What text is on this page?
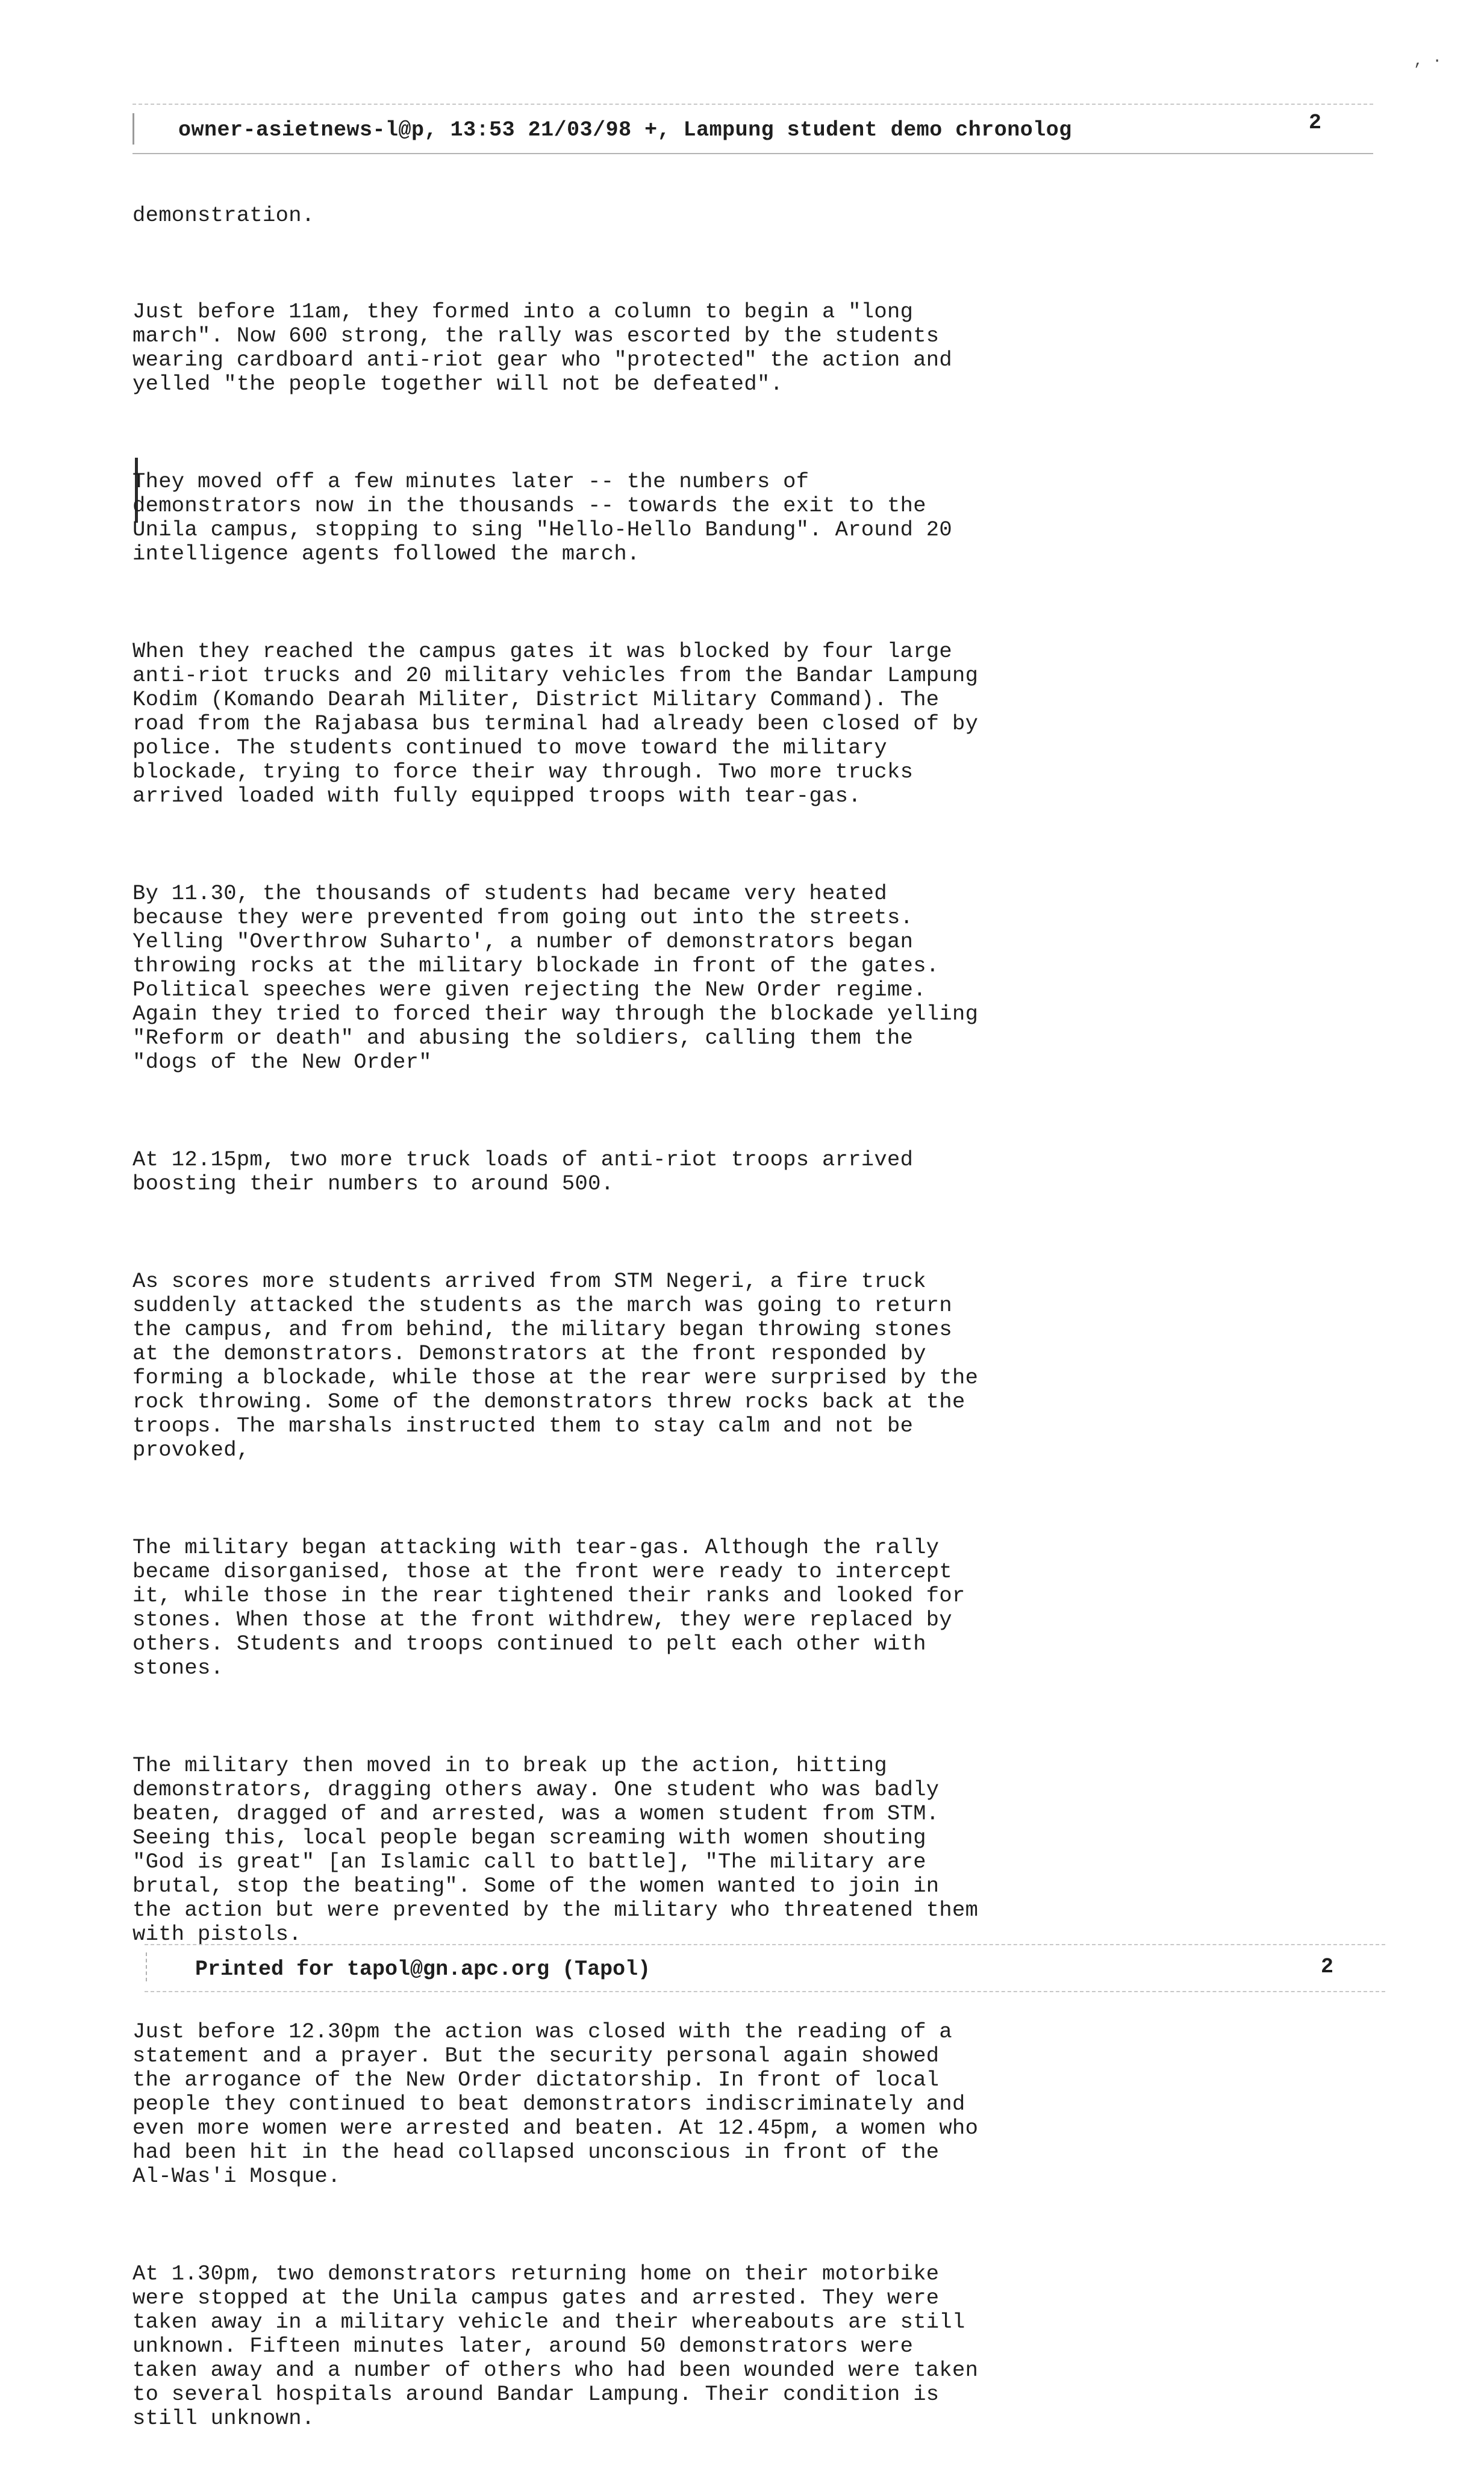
, ·
owner-asietnews-l@p, 13:53 21/03/98 +, Lampung student demo chronolog	2

demonstration.

Just before 11am, they formed into a column to begin a "long
march". Now 600 strong, the rally was escorted by the students
wearing cardboard anti-riot gear who "protected" the action and
yelled "the people together will not be defeated".

They moved off a few minutes later -- the numbers of
demonstrators now in the thousands -- towards the exit to the
Unila campus, stopping to sing "Hello-Hello Bandung". Around 20
intelligence agents followed the march.

When they reached the campus gates it was blocked by four large
anti-riot trucks and 20 military vehicles from the Bandar Lampung
Kodim (Komando Dearah Militer, District Military Command). The
road from the Rajabasa bus terminal had already been closed of by
police. The students continued to move toward the military
blockade, trying to force their way through. Two more trucks
arrived loaded with fully equipped troops with tear-gas.

By 11.30, the thousands of students had became very heated
because they were prevented from going out into the streets.
Yelling "Overthrow Suharto', a number of demonstrators began
throwing rocks at the military blockade in front of the gates.
Political speeches were given rejecting the New Order regime.
Again they tried to forced their way through the blockade yelling
"Reform or death" and abusing the soldiers, calling them the
"dogs of the New Order"

At 12.15pm, two more truck loads of anti-riot troops arrived
boosting their numbers to around 500.

As scores more students arrived from STM Negeri, a fire truck
suddenly attacked the students as the march was going to return
the campus, and from behind, the military began throwing stones
at the demonstrators. Demonstrators at the front responded by
forming a blockade, while those at the rear were surprised by the
rock throwing. Some of the demonstrators threw rocks back at the
troops. The marshals instructed them to stay calm and not be
provoked,

The military began attacking with tear-gas. Although the rally
became disorganised, those at the front were ready to intercept
it, while those in the rear tightened their ranks and looked for
stones. When those at the front withdrew, they were replaced by
others. Students and troops continued to pelt each other with
stones.

The military then moved in to break up the action, hitting
demonstrators, dragging others away. One student who was badly
beaten, dragged of and arrested, was a women student from STM.
Seeing this, local people began screaming with women shouting
"God is great" [an Islamic call to battle], "The military are
brutal, stop the beating". Some of the women wanted to join in
the action but were prevented by the military who threatened them
with pistols.

Just before 12.30pm the action was closed with the reading of a
statement and a prayer. But the security personal again showed
the arrogance of the New Order dictatorship. In front of local
people they continued to beat demonstrators indiscriminately and
even more women were arrested and beaten. At 12.45pm, a women who
had been hit in the head collapsed unconscious in front of the
Al-Was'i Mosque.

At 1.30pm, two demonstrators returning home on their motorbike
were stopped at the Unila campus gates and arrested. They were
taken away in a military vehicle and their whereabouts are still
unknown. Fifteen minutes later, around 50 demonstrators were
taken away and a number of others who had been wounded were taken
to several hospitals around Bandar Lampung. Their condition is
still unknown.

Printed for tapol@gn.apc.org (Tapol)	2
